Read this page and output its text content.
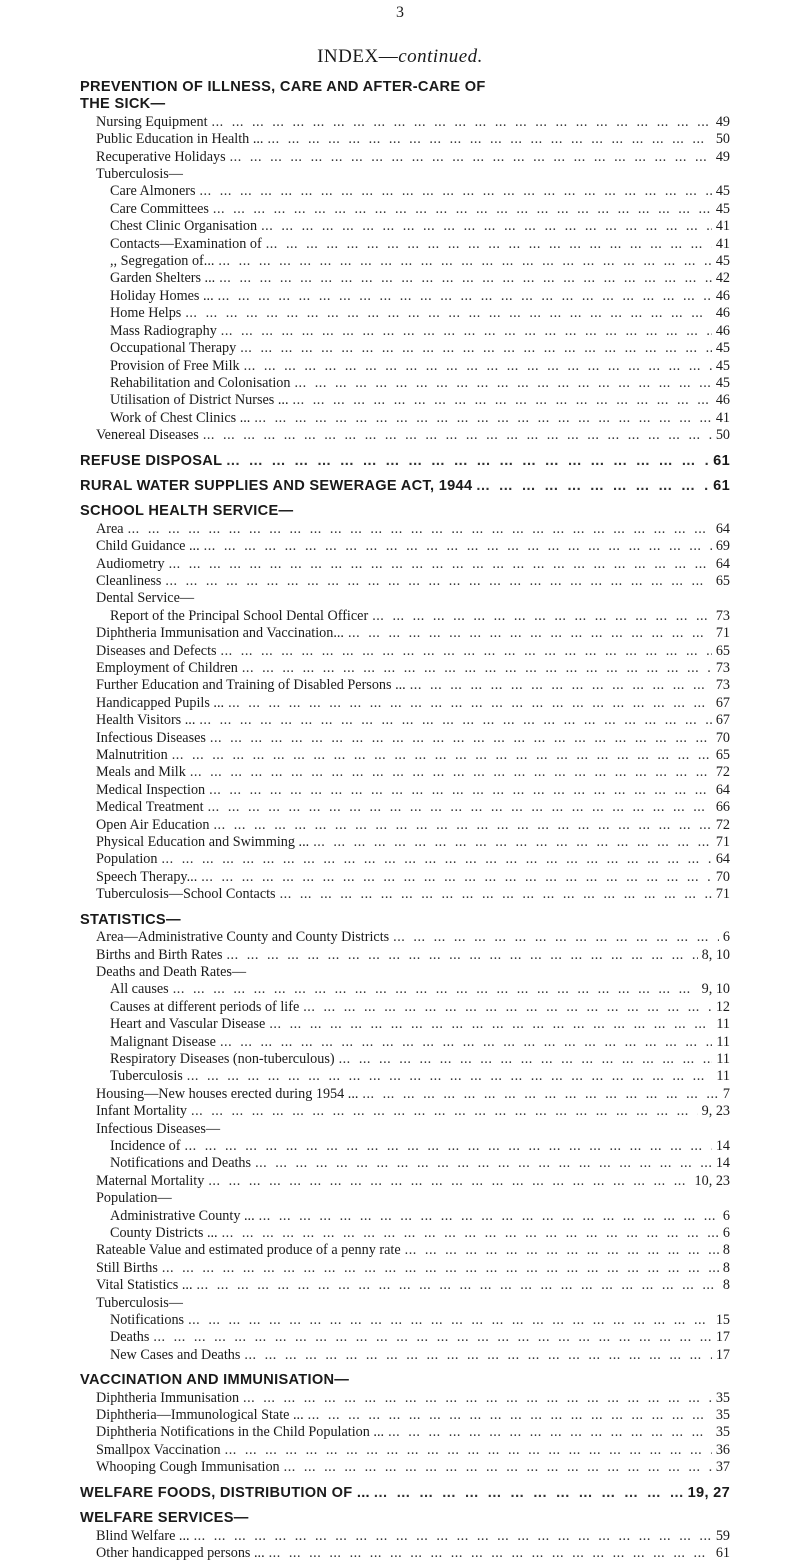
3
INDEX—continued.
PREVENTION OF ILLNESS, CARE AND AFTER-CARE OF
THE SICK—
Nursing Equipment ...	49
Public Education in Health ... ...	50
Recuperative Holidays ...	49
Tuberculosis—
Care Almoners ...	45
Care Committees ...	45
Chest Clinic Organisation ...	41
Contacts—Examination of ...	41
,, Segregation of... ...	45
Garden Shelters ... ...	42
Holiday Homes ... ...	46
Home Helps ...	46
Mass Radiography ...	46
Occupational Therapy ...	45
Provision of Free Milk ...	45
Rehabilitation and Colonisation ...	45
Utilisation of District Nurses ... ...	46
Work of Chest Clinics ... ...	41
Venereal Diseases ...	50
REFUSE DISPOSAL ...	61
RURAL WATER SUPPLIES AND SEWERAGE ACT, 1944 ...	61
SCHOOL HEALTH SERVICE—
Area ...	64
Child Guidance ... ...	69
Audiometry ...	64
Cleanliness ...	65
Dental Service—
Report of the Principal School Dental Officer ...	73
Diphtheria Immunisation and Vaccination... ...	71
Diseases and Defects ...	65
Employment of Children ...	73
Further Education and Training of Disabled Persons ... ...	73
Handicapped Pupils ... ...	67
Health Visitors ... ...	67
Infectious Diseases ...	70
Malnutrition ...	65
Meals and Milk ...	72
Medical Inspection ...	64
Medical Treatment ...	66
Open Air Education ...	72
Physical Education and Swimming ... ...	71
Population ...	64
Speech Therapy... ...	70
Tuberculosis—School Contacts ...	71
STATISTICS—
Area—Administrative County and County Districts ...	6
Births and Birth Rates ...	8, 10
Deaths and Death Rates—
All causes ...	9, 10
Causes at different periods of life ...	12
Heart and Vascular Disease ...	11
Malignant Disease ...	11
Respiratory Diseases (non-tuberculous) ...	11
Tuberculosis ...	11
Housing—New houses erected during 1954 ... ...	7
Infant Mortality ...	9, 23
Infectious Diseases—
Incidence of ...	14
Notifications and Deaths ...	14
Maternal Mortality ...	10, 23
Population—
Administrative County ... ...	6
County Districts ... ...	6
Rateable Value and estimated produce of a penny rate ...	8
Still Births ...	8
Vital Statistics ... ...	8
Tuberculosis—
Notifications ...	15
Deaths ...	17
New Cases and Deaths ...	17
VACCINATION AND IMMUNISATION—
Diphtheria Immunisation ...	35
Diphtheria—Immunological State ... ...	35
Diphtheria Notifications in the Child Population ... ...	35
Smallpox Vaccination ...	36
Whooping Cough Immunisation ...	37
WELFARE FOODS, DISTRIBUTION OF ... ...	19, 27
WELFARE SERVICES—
Blind Welfare ... ...	59
Other handicapped persons ... ...	61
